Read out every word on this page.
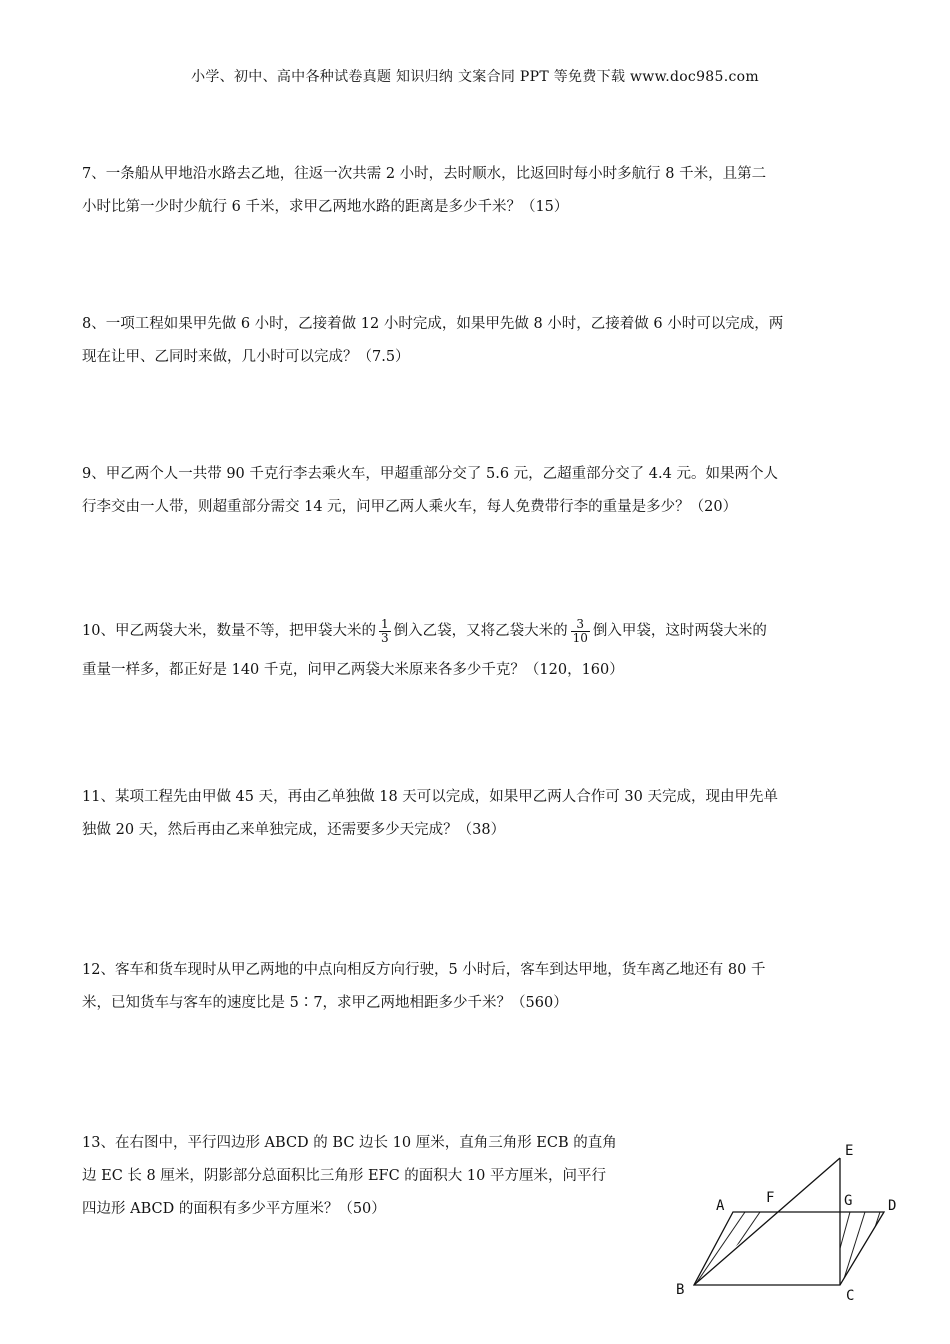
小学、初中、高中各种试卷真题 知识归纳 文案合同 PPT 等免费下载 www.doc985.com

7、一条船从甲地沿水路去乙地，往返一次共需 2 小时，去时顺水，比返回时每小时多航行 8 千米，且第二

小时比第一少时少航行 6 千米，求甲乙两地水路的距离是多少千米？（15）

8、一项工程如果甲先做 6 小时，乙接着做 12 小时完成，如果甲先做 8 小时，乙接着做 6 小时可以完成，两

现在让甲、乙同时来做，几小时可以完成？（7.5）

9、甲乙两个人一共带 90 千克行李去乘火车，甲超重部分交了 5.6 元，乙超重部分交了 4.4 元。如果两个人

行李交由一人带，则超重部分需交 14 元，问甲乙两人乘火车，每人免费带行李的重量是多少？（20）

10、甲乙两袋大米，数量不等，把甲袋大米的 $\frac{1}{3}$ 倒入乙袋，又将乙袋大米的 $\frac{3}{10}$ 倒入甲袋，这时两袋大米的

重量一样多，都正好是 140 千克，问甲乙两袋大米原来各多少千克？（120，160）

11、某项工程先由甲做 45 天，再由乙单独做 18 天可以完成，如果甲乙两人合作可 30 天完成，现由甲先单

独做 20 天，然后再由乙来单独完成，还需要多少天完成？（38）

12、客车和货车现时从甲乙两地的中点向相反方向行驶，5 小时后，客车到达甲地，货车离乙地还有 80 千

米，已知货车与客车的速度比是 5∶7，求甲乙两地相距多少千米？（560）

13、在右图中，平行四边形 ABCD 的 BC 边长 10 厘米，直角三角形 ECB 的直角

边 EC 长 8 厘米，阴影部分总面积比三角形 EFC 的面积大 10 平方厘米，问平行

四边形 ABCD 的面积有多少平方厘米？（50）

E
F	G
A	D
B	C
